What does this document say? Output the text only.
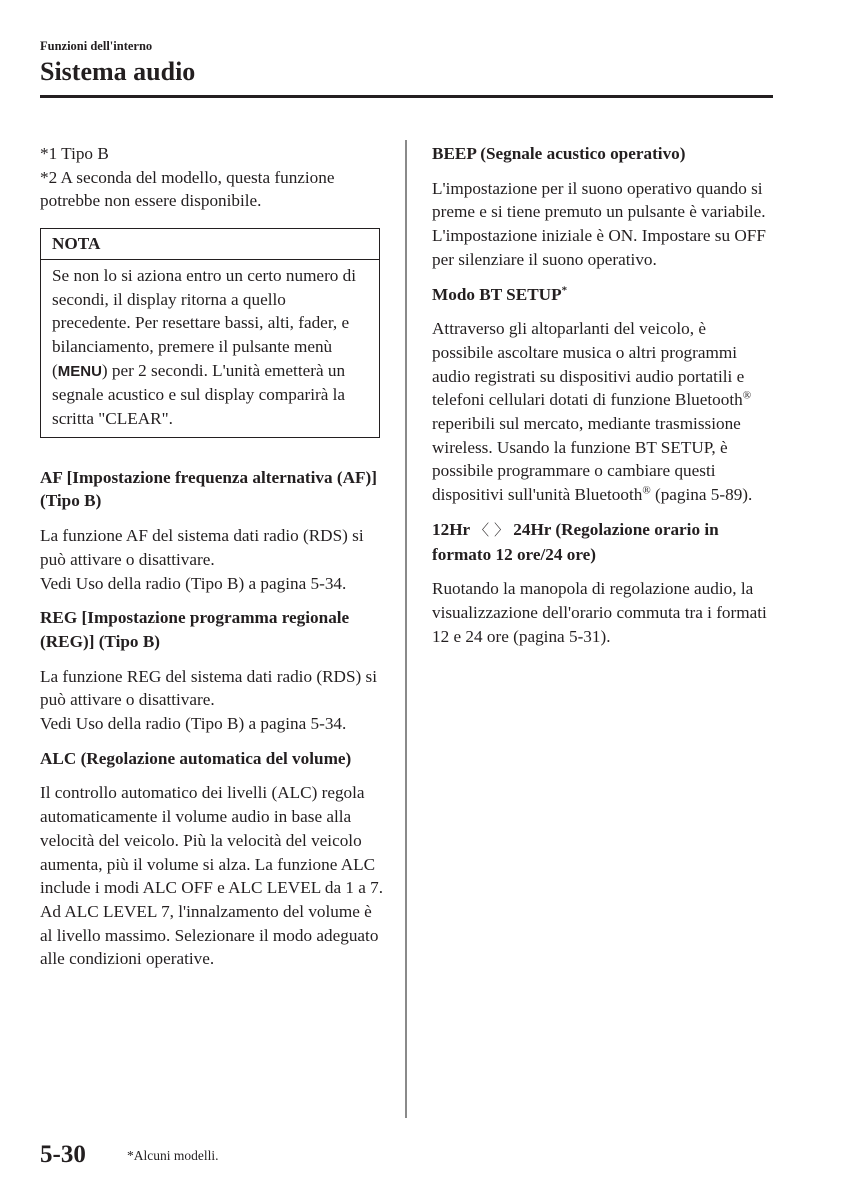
Funzioni dell'interno
Sistema audio

*1 Tipo B

*2 A seconda del modello, questa funzione potrebbe non essere disponibile.

NOTA
Se non lo si aziona entro un certo numero di secondi, il display ritorna a quello precedente. Per resettare bassi, alti, fader, e bilanciamento, premere il pulsante menù (MENU) per 2 secondi. L'unità emetterà un segnale acustico e sul display comparirà la scritta "CLEAR".

AF [Impostazione frequenza alternativa (AF)] (Tipo B)

La funzione AF del sistema dati radio (RDS) si può attivare o disattivare.

Vedi Uso della radio (Tipo B) a pagina 5-34.

REG [Impostazione programma regionale (REG)] (Tipo B)

La funzione REG del sistema dati radio (RDS) si può attivare o disattivare.

Vedi Uso della radio (Tipo B) a pagina 5-34.

ALC (Regolazione automatica del volume)

Il controllo automatico dei livelli (ALC) regola automaticamente il volume audio in base alla velocità del veicolo. Più la velocità del veicolo aumenta, più il volume si alza. La funzione ALC include i modi ALC OFF e ALC LEVEL da 1 a 7. Ad ALC LEVEL 7, l'innalzamento del volume è al livello massimo. Selezionare il modo adeguato alle condizioni operative.

BEEP (Segnale acustico operativo)

L'impostazione per il suono operativo quando si preme e si tiene premuto un pulsante è variabile. L'impostazione iniziale è ON. Impostare su OFF per silenziare il suono operativo.

Modo BT SETUP*

Attraverso gli altoparlanti del veicolo, è possibile ascoltare musica o altri programmi audio registrati su dispositivi audio portatili e telefoni cellulari dotati di funzione Bluetooth® reperibili sul mercato, mediante trasmissione wireless. Usando la funzione BT SETUP, è possibile programmare o cambiare questi dispositivi sull'unità Bluetooth® (pagina 5-89).

12Hr 〈 〉 24Hr (Regolazione orario in formato 12 ore/24 ore)

Ruotando la manopola di regolazione audio, la visualizzazione dell'orario commuta tra i formati 12 e 24 ore (pagina 5-31).

5-30	*Alcuni modelli.
